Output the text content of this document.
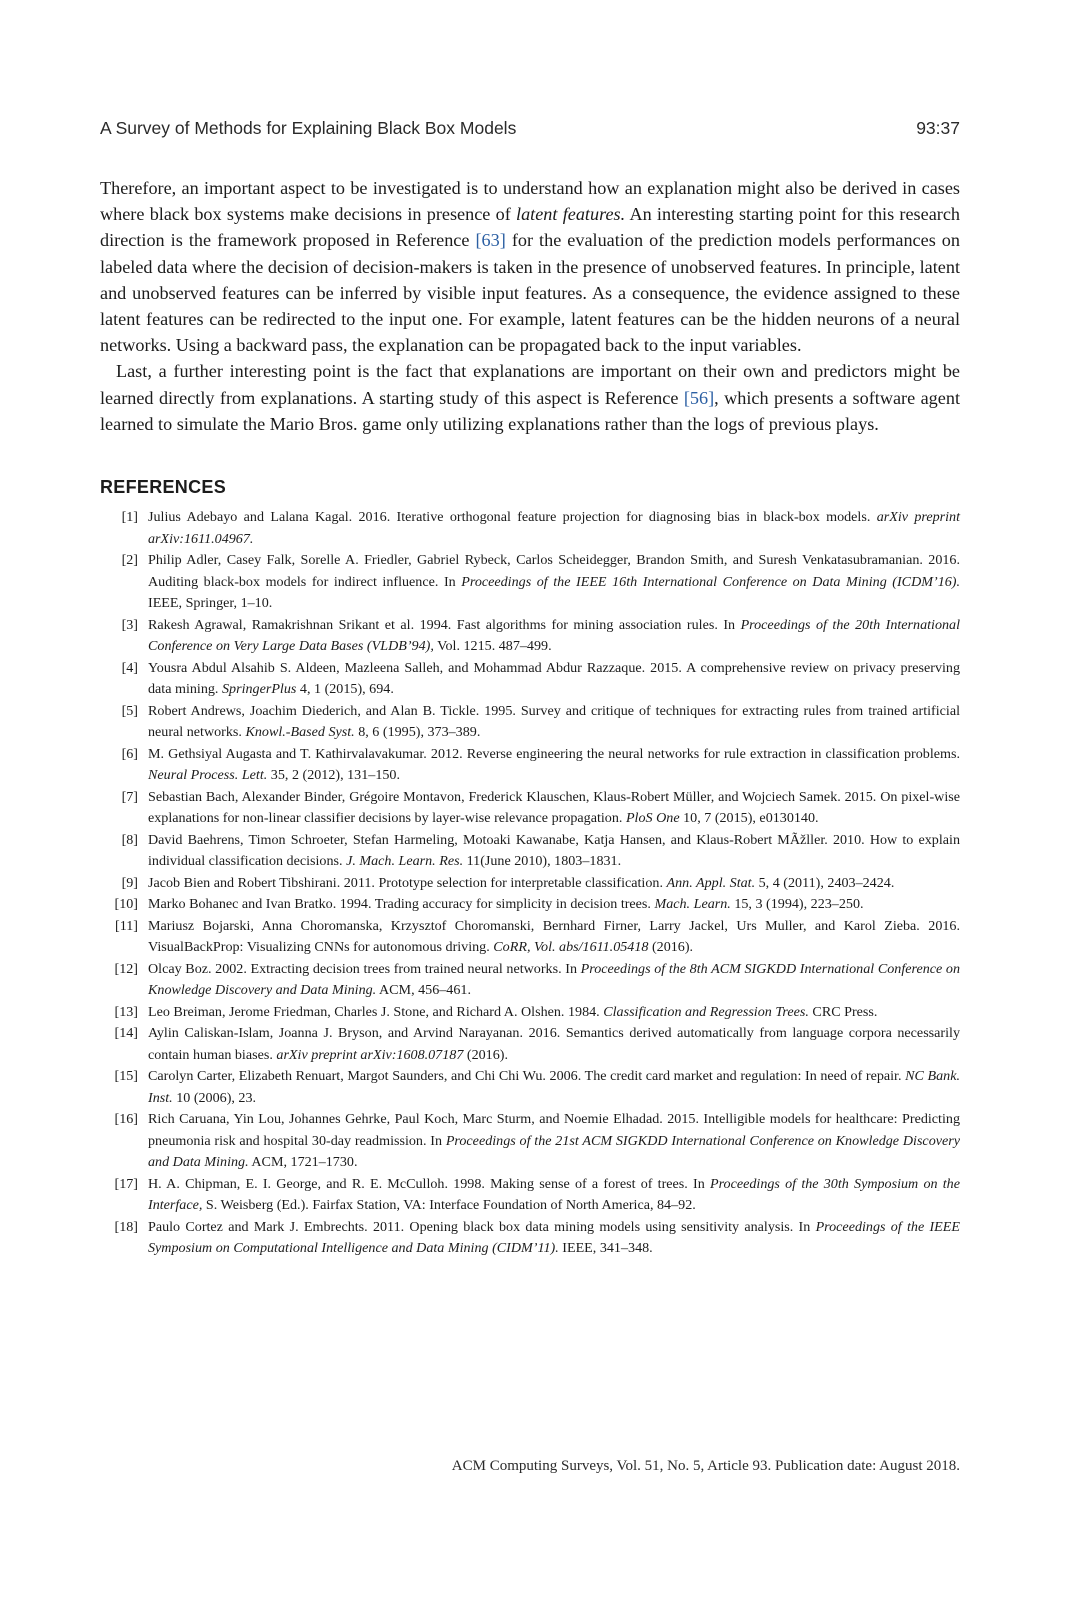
A Survey of Methods for Explaining Black Box Models	93:37

Therefore, an important aspect to be investigated is to understand how an explanation might also be derived in cases where black box systems make decisions in presence of latent features. An interesting starting point for this research direction is the framework proposed in Reference [63] for the evaluation of the prediction models performances on labeled data where the decision of decision-makers is taken in the presence of unobserved features. In principle, latent and unobserved features can be inferred by visible input features. As a consequence, the evidence assigned to these latent features can be redirected to the input one. For example, latent features can be the hidden neurons of a neural networks. Using a backward pass, the explanation can be propagated back to the input variables.

Last, a further interesting point is the fact that explanations are important on their own and predictors might be learned directly from explanations. A starting study of this aspect is Reference [56], which presents a software agent learned to simulate the Mario Bros. game only utilizing explanations rather than the logs of previous plays.

REFERENCES
[1] Julius Adebayo and Lalana Kagal. 2016. Iterative orthogonal feature projection for diagnosing bias in black-box models. arXiv preprint arXiv:1611.04967.
[2] Philip Adler, Casey Falk, Sorelle A. Friedler, Gabriel Rybeck, Carlos Scheidegger, Brandon Smith, and Suresh Venkatasubramanian. 2016. Auditing black-box models for indirect influence. In Proceedings of the IEEE 16th International Conference on Data Mining (ICDM’16). IEEE, Springer, 1–10.
[3] Rakesh Agrawal, Ramakrishnan Srikant et al. 1994. Fast algorithms for mining association rules. In Proceedings of the 20th International Conference on Very Large Data Bases (VLDB’94), Vol. 1215. 487–499.
[4] Yousra Abdul Alsahib S. Aldeen, Mazleena Salleh, and Mohammad Abdur Razzaque. 2015. A comprehensive review on privacy preserving data mining. SpringerPlus 4, 1 (2015), 694.
[5] Robert Andrews, Joachim Diederich, and Alan B. Tickle. 1995. Survey and critique of techniques for extracting rules from trained artificial neural networks. Knowl.-Based Syst. 8, 6 (1995), 373–389.
[6] M. Gethsiyal Augasta and T. Kathirvalavakumar. 2012. Reverse engineering the neural networks for rule extraction in classification problems. Neural Process. Lett. 35, 2 (2012), 131–150.
[7] Sebastian Bach, Alexander Binder, Grégoire Montavon, Frederick Klauschen, Klaus-Robert Müller, and Wojciech Samek. 2015. On pixel-wise explanations for non-linear classifier decisions by layer-wise relevance propagation. PloS One 10, 7 (2015), e0130140.
[8] David Baehrens, Timon Schroeter, Stefan Harmeling, Motoaki Kawanabe, Katja Hansen, and Klaus-Robert MÃžller. 2010. How to explain individual classification decisions. J. Mach. Learn. Res. 11(June 2010), 1803–1831.
[9] Jacob Bien and Robert Tibshirani. 2011. Prototype selection for interpretable classification. Ann. Appl. Stat. 5, 4 (2011), 2403–2424.
[10] Marko Bohanec and Ivan Bratko. 1994. Trading accuracy for simplicity in decision trees. Mach. Learn. 15, 3 (1994), 223–250.
[11] Mariusz Bojarski, Anna Choromanska, Krzysztof Choromanski, Bernhard Firner, Larry Jackel, Urs Muller, and Karol Zieba. 2016. VisualBackProp: Visualizing CNNs for autonomous driving. CoRR, Vol. abs/1611.05418 (2016).
[12] Olcay Boz. 2002. Extracting decision trees from trained neural networks. In Proceedings of the 8th ACM SIGKDD International Conference on Knowledge Discovery and Data Mining. ACM, 456–461.
[13] Leo Breiman, Jerome Friedman, Charles J. Stone, and Richard A. Olshen. 1984. Classification and Regression Trees. CRC Press.
[14] Aylin Caliskan-Islam, Joanna J. Bryson, and Arvind Narayanan. 2016. Semantics derived automatically from language corpora necessarily contain human biases. arXiv preprint arXiv:1608.07187 (2016).
[15] Carolyn Carter, Elizabeth Renuart, Margot Saunders, and Chi Chi Wu. 2006. The credit card market and regulation: In need of repair. NC Bank. Inst. 10 (2006), 23.
[16] Rich Caruana, Yin Lou, Johannes Gehrke, Paul Koch, Marc Sturm, and Noemie Elhadad. 2015. Intelligible models for healthcare: Predicting pneumonia risk and hospital 30-day readmission. In Proceedings of the 21st ACM SIGKDD International Conference on Knowledge Discovery and Data Mining. ACM, 1721–1730.
[17] H. A. Chipman, E. I. George, and R. E. McCulloh. 1998. Making sense of a forest of trees. In Proceedings of the 30th Symposium on the Interface, S. Weisberg (Ed.). Fairfax Station, VA: Interface Foundation of North America, 84–92.
[18] Paulo Cortez and Mark J. Embrechts. 2011. Opening black box data mining models using sensitivity analysis. In Proceedings of the IEEE Symposium on Computational Intelligence and Data Mining (CIDM’11). IEEE, 341–348.
ACM Computing Surveys, Vol. 51, No. 5, Article 93. Publication date: August 2018.
